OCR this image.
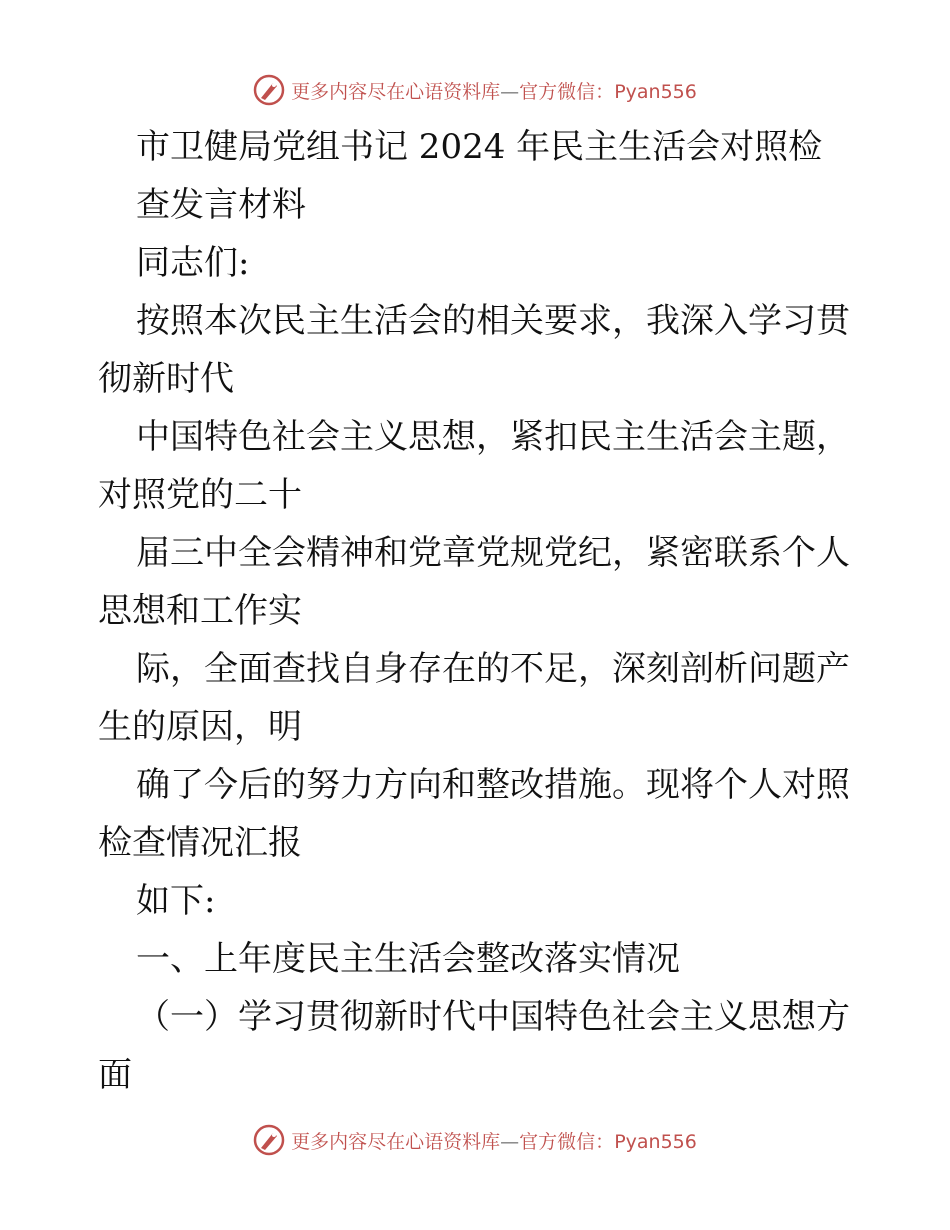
更多内容尽在心语资料库—官方微信：Pyan556
市卫健局党组书记 2024 年民主生活会对照检
查发言材料
同志们:
按照本次民主生活会的相关要求，我深入学习贯
彻新时代
中国特色社会主义思想，紧扣民主生活会主题，
对照党的二十
届三中全会精神和党章党规党纪，紧密联系个人
思想和工作实
际，全面查找自身存在的不足，深刻剖析问题产
生的原因，明
确了今后的努力方向和整改措施。现将个人对照
检查情况汇报
如下:
一、上年度民主生活会整改落实情况
（一）学习贯彻新时代中国特色社会主义思想方
面
更多内容尽在心语资料库—官方微信：Pyan556
